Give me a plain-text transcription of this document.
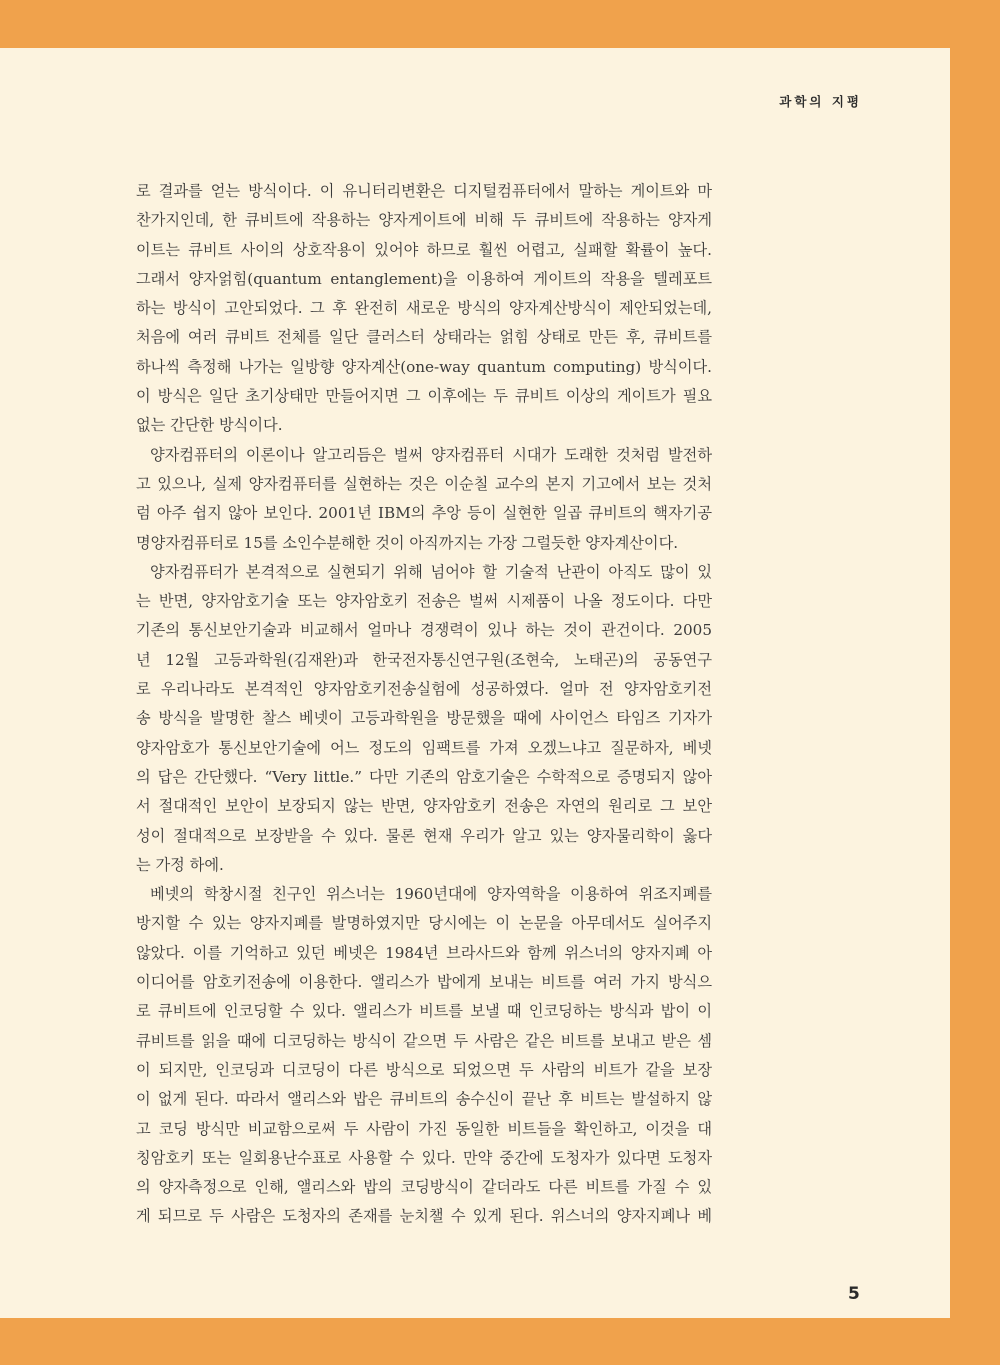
과학의 지평
로 결과를 얻는 방식이다. 이 유니터리변환은 디지털컴퓨터에서 말하는 게이트와 마
찬가지인데, 한 큐비트에 작용하는 양자게이트에 비해 두 큐비트에 작용하는 양자게
이트는 큐비트 사이의 상호작용이 있어야 하므로 훨씬 어렵고, 실패할 확률이 높다.
그래서 양자얽힘(quantum entanglement)을 이용하여 게이트의 작용을 텔레포트
하는 방식이 고안되었다. 그 후 완전히 새로운 방식의 양자계산방식이 제안되었는데,
처음에 여러 큐비트 전체를 일단 클러스터 상태라는 얽힘 상태로 만든 후, 큐비트를
하나씩 측정해 나가는 일방향 양자계산(one-way quantum computing) 방식이다.
이 방식은 일단 초기상태만 만들어지면 그 이후에는 두 큐비트 이상의 게이트가 필요
없는 간단한 방식이다.
양자컴퓨터의 이론이나 알고리듬은 벌써 양자컴퓨터 시대가 도래한 것처럼 발전하
고 있으나, 실제 양자컴퓨터를 실현하는 것은 이순칠 교수의 본지 기고에서 보는 것처
럼 아주 쉽지 않아 보인다. 2001년 IBM의 추앙 등이 실현한 일곱 큐비트의 핵자기공
명양자컴퓨터로 15를 소인수분해한 것이 아직까지는 가장 그럴듯한 양자계산이다.
양자컴퓨터가 본격적으로 실현되기 위해 넘어야 할 기술적 난관이 아직도 많이 있
는 반면, 양자암호기술 또는 양자암호키 전송은 벌써 시제품이 나올 정도이다. 다만
기존의 통신보안기술과 비교해서 얼마나 경쟁력이 있나 하는 것이 관건이다. 2005
년 12월 고등과학원(김재완)과 한국전자통신연구원(조현숙, 노태곤)의 공동연구
로 우리나라도 본격적인 양자암호키전송실험에 성공하였다. 얼마 전 양자암호키전
송 방식을 발명한 찰스 베넷이 고등과학원을 방문했을 때에 사이언스 타임즈 기자가
양자암호가 통신보안기술에 어느 정도의 임팩트를 가져 오겠느냐고 질문하자, 베넷
의 답은 간단했다. “Very little.” 다만 기존의 암호기술은 수학적으로 증명되지 않아
서 절대적인 보안이 보장되지 않는 반면, 양자암호키 전송은 자연의 원리로 그 보안
성이 절대적으로 보장받을 수 있다. 물론 현재 우리가 알고 있는 양자물리학이 옳다
는 가정 하에.
베넷의 학창시절 친구인 위스너는 1960년대에 양자역학을 이용하여 위조지폐를
방지할 수 있는 양자지폐를 발명하였지만 당시에는 이 논문을 아무데서도 실어주지
않았다. 이를 기억하고 있던 베넷은 1984년 브라사드와 함께 위스너의 양자지폐 아
이디어를 암호키전송에 이용한다. 앨리스가 밥에게 보내는 비트를 여러 가지 방식으
로 큐비트에 인코딩할 수 있다. 앨리스가 비트를 보낼 때 인코딩하는 방식과 밥이 이
큐비트를 읽을 때에 디코딩하는 방식이 같으면 두 사람은 같은 비트를 보내고 받은 셈
이 되지만, 인코딩과 디코딩이 다른 방식으로 되었으면 두 사람의 비트가 같을 보장
이 없게 된다. 따라서 앨리스와 밥은 큐비트의 송수신이 끝난 후 비트는 발설하지 않
고 코딩 방식만 비교함으로써 두 사람이 가진 동일한 비트들을 확인하고, 이것을 대
칭암호키 또는 일회용난수표로 사용할 수 있다. 만약 중간에 도청자가 있다면 도청자
의 양자측정으로 인해, 앨리스와 밥의 코딩방식이 같더라도 다른 비트를 가질 수 있
게 되므로 두 사람은 도청자의 존재를 눈치챌 수 있게 된다. 위스너의 양자지폐나 베
5
